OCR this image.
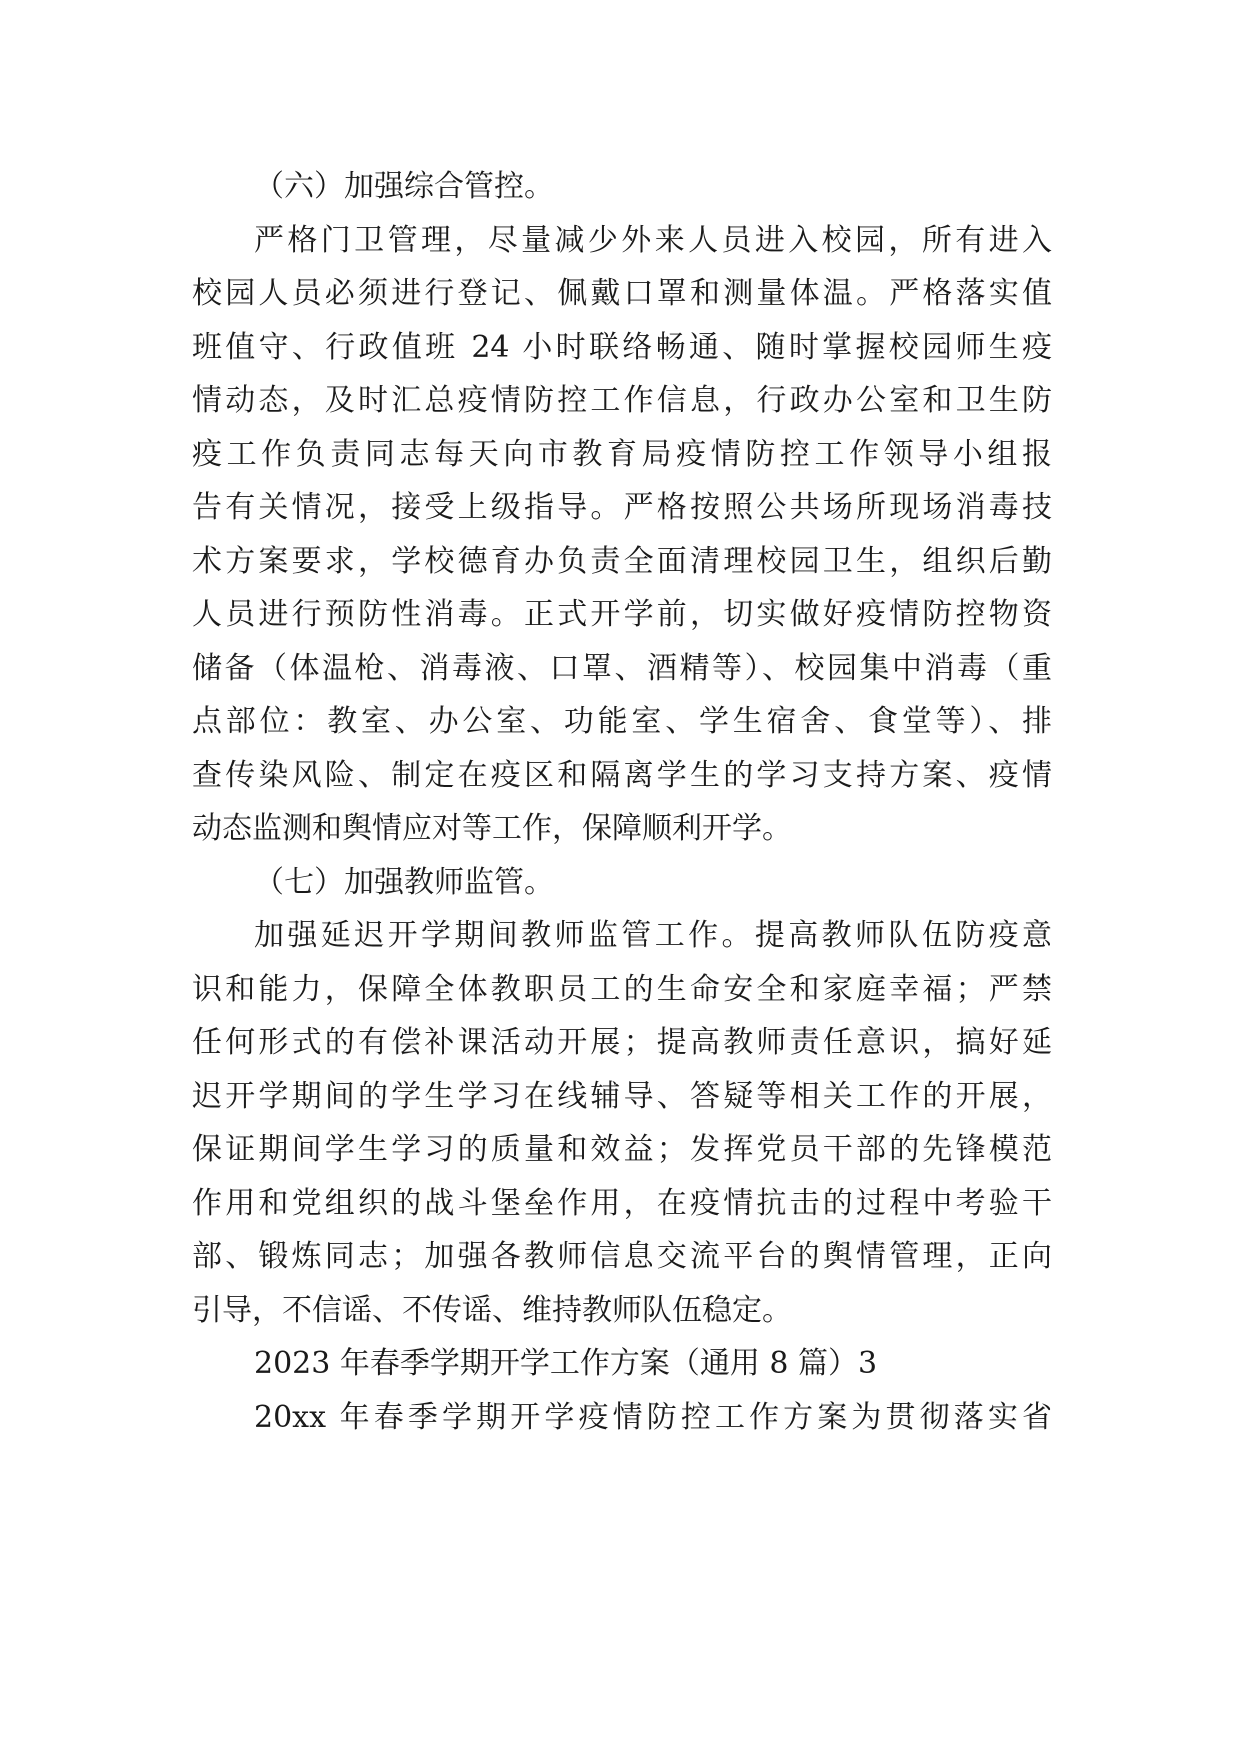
（六）加强综合管控。
严格门卫管理，尽量减少外来人员进入校园，所有进入
校园人员必须进行登记、佩戴口罩和测量体温。严格落实值
班值守、行政值班 24 小时联络畅通、随时掌握校园师生疫
情动态，及时汇总疫情防控工作信息，行政办公室和卫生防
疫工作负责同志每天向市教育局疫情防控工作领导小组报
告有关情况，接受上级指导。严格按照公共场所现场消毒技
术方案要求，学校德育办负责全面清理校园卫生，组织后勤
人员进行预防性消毒。正式开学前，切实做好疫情防控物资
储备（体温枪、消毒液、口罩、酒精等）、校园集中消毒（重
点部位：教室、办公室、功能室、学生宿舍、食堂等）、排
查传染风险、制定在疫区和隔离学生的学习支持方案、疫情
动态监测和舆情应对等工作，保障顺利开学。
（七）加强教师监管。
加强延迟开学期间教师监管工作。提高教师队伍防疫意
识和能力，保障全体教职员工的生命安全和家庭幸福；严禁
任何形式的有偿补课活动开展；提高教师责任意识，搞好延
迟开学期间的学生学习在线辅导、答疑等相关工作的开展，
保证期间学生学习的质量和效益；发挥党员干部的先锋模范
作用和党组织的战斗堡垒作用，在疫情抗击的过程中考验干
部、锻炼同志；加强各教师信息交流平台的舆情管理，正向
引导，不信谣、不传谣、维持教师队伍稳定。
2023 年春季学期开学工作方案（通用 8 篇）3
20xx 年春季学期开学疫情防控工作方案为贯彻落实省
